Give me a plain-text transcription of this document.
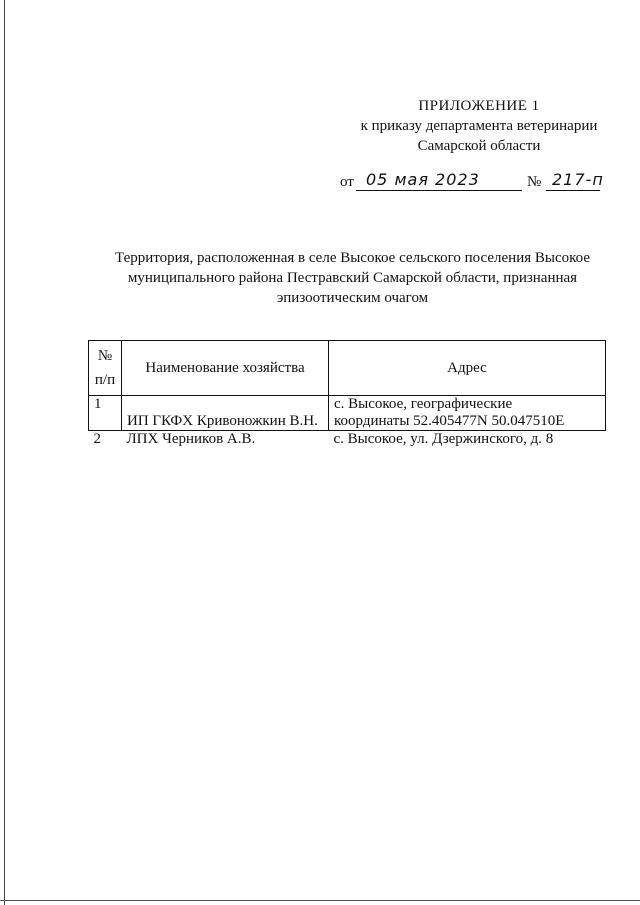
ПРИЛОЖЕНИЕ 1
к приказу департамента ветеринарии
Самарской области
от 05 мая 2023	№ 217-п
Территория, расположенная в селе Высокое сельского поселения Высокое
муниципального района Пестравский Самарской области, признанная
эпизоотическим очагом
№
п/п	Наименование хозяйства	Адрес
1	ИП ГКФХ Кривоножкин В.Н.	с. Высокое, географические
координаты 52.405477N 50.047510E

2	ЛПХ Черников А.В.	с. Высокое, ул. Дзержинского, д. 8
